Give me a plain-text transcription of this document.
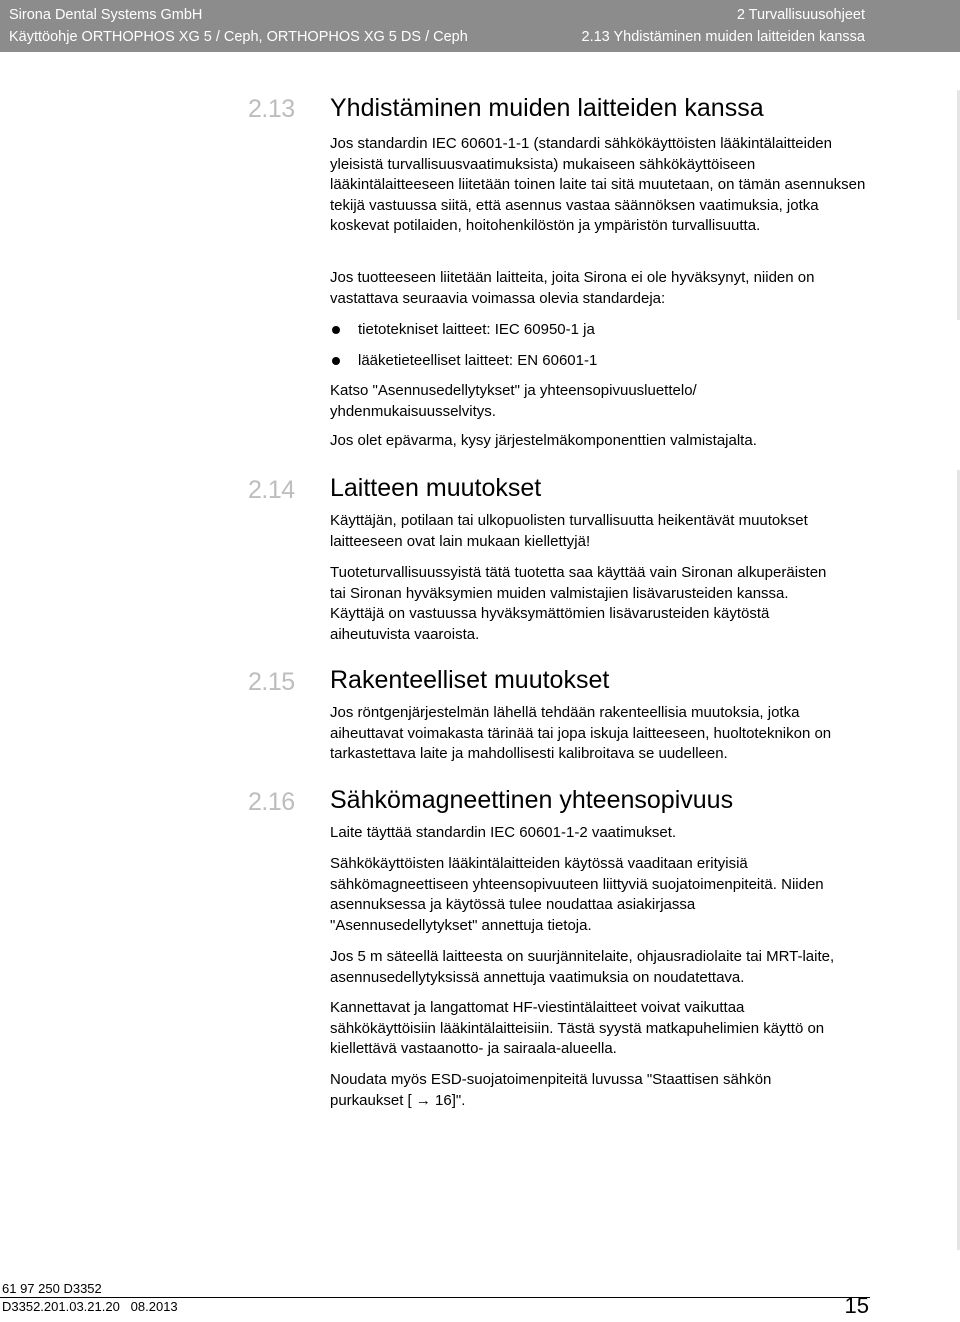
Sirona Dental Systems GmbH
Käyttöohje ORTHOPHOS XG 5 / Ceph, ORTHOPHOS XG 5 DS / Ceph
2 Turvallisuusohjeet
2.13 Yhdistäminen muiden laitteiden kanssa
2.13	Yhdistäminen muiden laitteiden kanssa
Jos standardin IEC 60601-1-1 (standardi sähkökäyttöisten lääkintälaitteiden yleisistä turvallisuusvaatimuksista) mukaiseen sähkökäyttöiseen lääkintälaitteeseen liitetään toinen laite tai sitä muutetaan, on tämän asennuksen tekijä vastuussa siitä, että asennus vastaa säännöksen vaatimuksia, jotka koskevat potilaiden, hoitohenkilöstön ja ympäristön turvallisuutta.
Jos tuotteeseen liitetään laitteita, joita Sirona ei ole hyväksynyt, niiden on vastattava seuraavia voimassa olevia standardeja:
tietotekniset laitteet: IEC 60950-1 ja
lääketieteelliset laitteet: EN 60601-1
Katso "Asennusedellytykset" ja yhteensopivuusluettelo/ yhdenmukaisuusselvitys.
Jos olet epävarma, kysy järjestelmäkomponenttien valmistajalta.
2.14	Laitteen muutokset
Käyttäjän, potilaan tai ulkopuolisten turvallisuutta heikentävät muutokset laitteeseen ovat lain mukaan kiellettyjä!
Tuoteturvallisuussyistä tätä tuotetta saa käyttää vain Sironan alkuperäisten tai Sironan hyväksymien muiden valmistajien lisävarusteiden kanssa. Käyttäjä on vastuussa hyväksymättömien lisävarusteiden käytöstä aiheutuvista vaaroista.
2.15	Rakenteelliset muutokset
Jos röntgenjärjestelmän lähellä tehdään rakenteellisia muutoksia, jotka aiheuttavat voimakasta tärinää tai jopa iskuja laitteeseen, huoltoteknikon on tarkastettava laite ja mahdollisesti kalibroitava se uudelleen.
2.16	Sähkömagneettinen yhteensopivuus
Laite täyttää standardin IEC 60601-1-2 vaatimukset.
Sähkökäyttöisten lääkintälaitteiden käytössä vaaditaan erityisiä sähkömagneettiseen yhteensopivuuteen liittyviä suojatoimenpiteitä. Niiden asennuksessa ja käytössä tulee noudattaa asiakirjassa "Asennusedellytykset" annettuja tietoja.
Jos 5 m säteellä laitteesta on suurjännitelaite, ohjausradiolaite tai MRT-laite, asennusedellytyksissä annettuja vaatimuksia on noudatettava.
Kannettavat ja langattomat HF-viestintälaitteet voivat vaikuttaa sähkökäyttöisiin lääkintälaitteisiin. Tästä syystä matkapuhelimien käyttö on kiellettävä vastaanotto- ja sairaala-alueella.
Noudata myös ESD-suojatoimenpiteitä luvussa "Staattisen sähkön purkaukset [ → 16]".
61 97 250 D3352
D3352.201.03.21.20   08.2013	15
